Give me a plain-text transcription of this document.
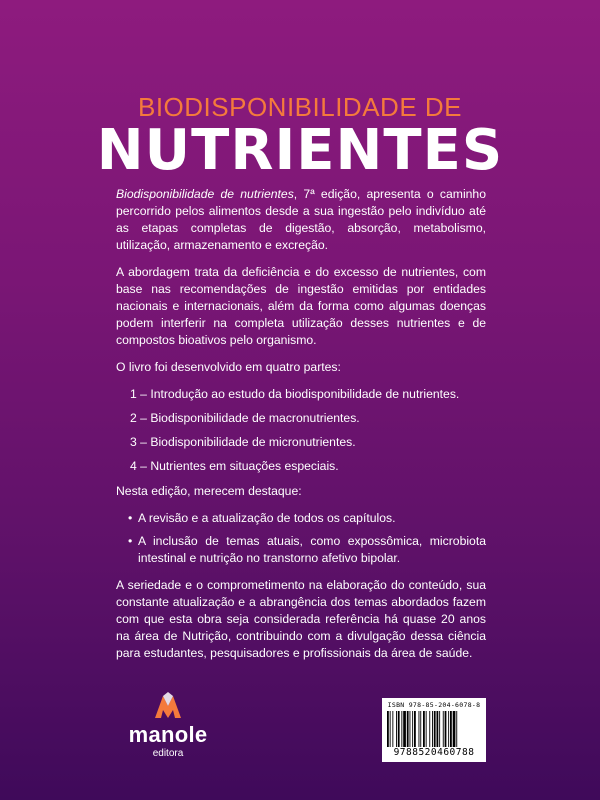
BIODISPONIBILIDADE DE
NUTRIENTES

Biodisponibilidade de nutrientes, 7ª edição, apresenta o caminho percorrido pelos alimentos desde a sua ingestão pelo indivíduo até as etapas completas de digestão, absorção, metabolismo, utilização, armazenamento e excreção.

A abordagem trata da deficiência e do excesso de nutrientes, com base nas recomendações de ingestão emitidas por entidades nacionais e internacionais, além da forma como algumas doenças podem interferir na completa utilização desses nutrientes e de compostos bioativos pelo organismo.

O livro foi desenvolvido em quatro partes:

1 – Introdução ao estudo da biodisponibilidade de nutrientes.
2 – Biodisponibilidade de macronutrientes.
3 – Biodisponibilidade de micronutrientes.
4 – Nutrientes em situações especiais.

Nesta edição, merecem destaque:

• A revisão e a atualização de todos os capítulos.
• A inclusão de temas atuais, como expossômica, microbiota intestinal e nutrição no transtorno afetivo bipolar.

A seriedade e o comprometimento na elaboração do conteúdo, sua constante atualização e a abrangência dos temas abordados fazem com que esta obra seja considerada referência há quase 20 anos na área de Nutrição, contribuindo com a divulgação dessa ciência para estudantes, pesquisadores e profissionais da área de saúde.

manole
editora
ISBN 978-85-204-6078-8
9788520460788
